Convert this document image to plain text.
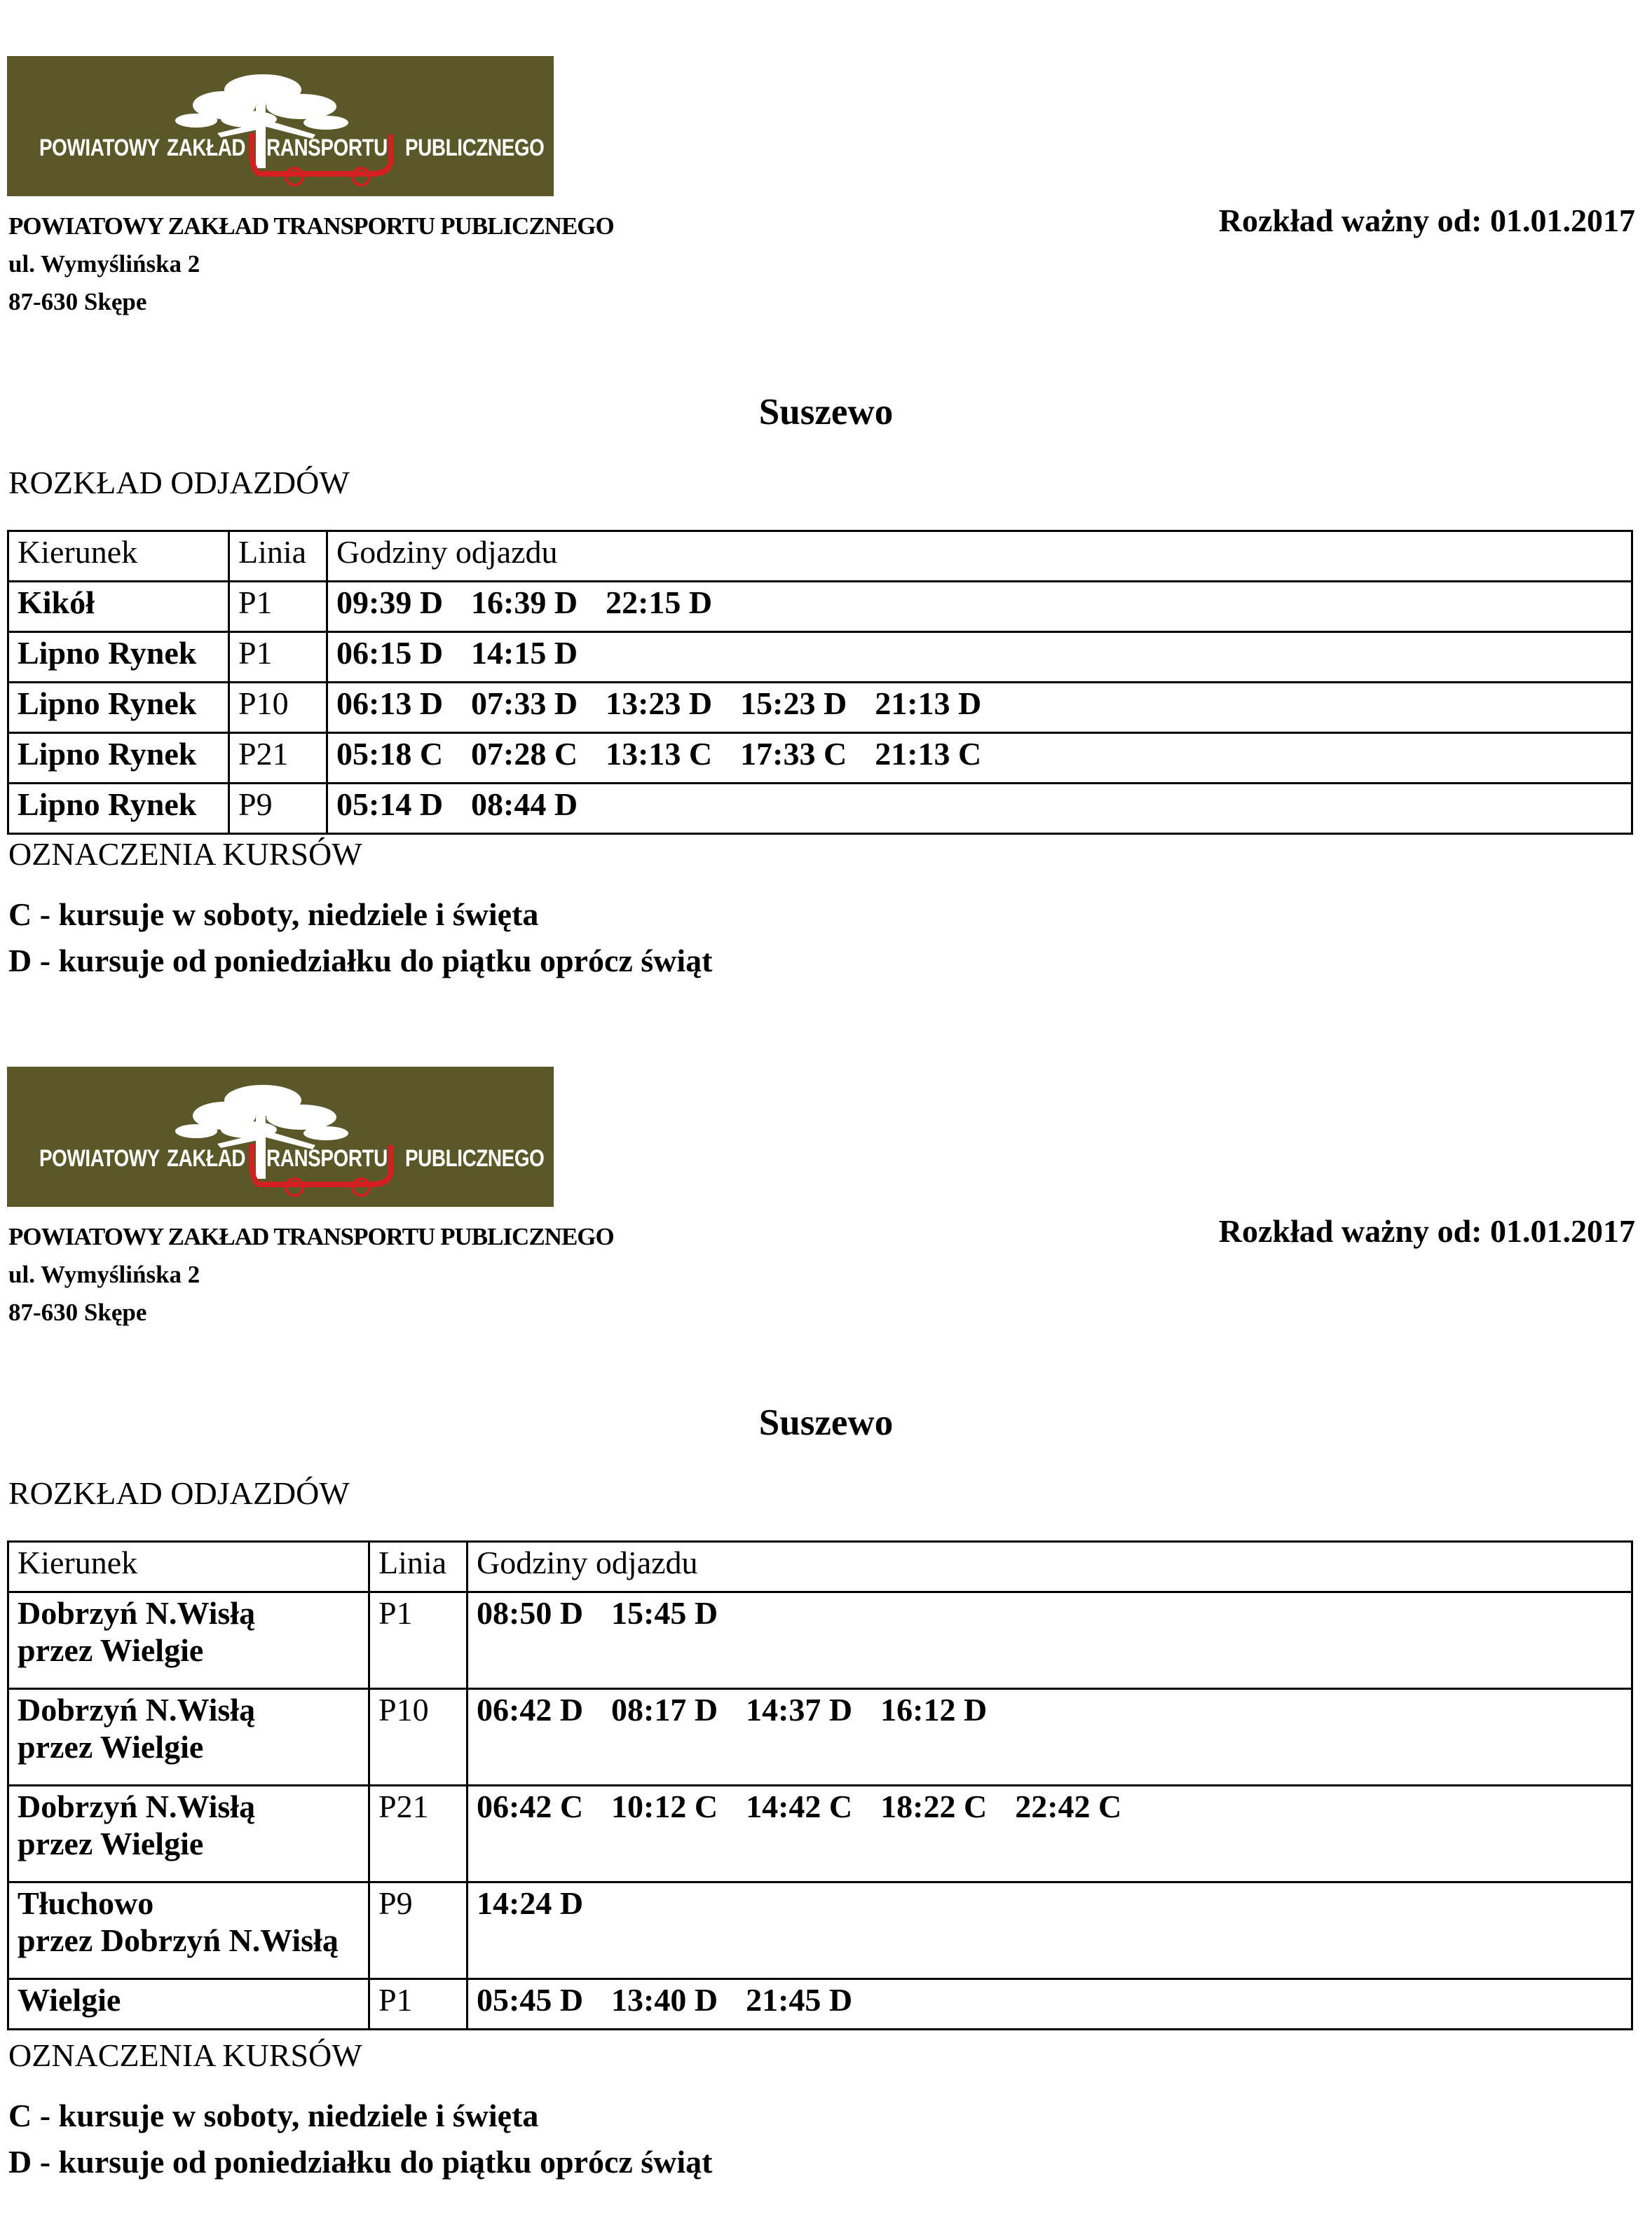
POWIATOWY ZAKŁAD RANSPORTU PUBLICZNEGO
POWIATOWY ZAKŁAD TRANSPORTU PUBLICZNEGO
ul. Wymyślińska 2
87-630 Skępe
Rozkład ważny od: 01.01.2017
Suszewo
ROZKŁAD ODJAZDÓW
Kierunek	Linia	Godziny odjazdu
Kikół	P1	09:39 D 16:39 D 22:15 D
Lipno Rynek	P1	06:15 D 14:15 D
Lipno Rynek	P10	06:13 D 07:33 D 13:23 D 15:23 D 21:13 D
Lipno Rynek	P21	05:18 C 07:28 C 13:13 C 17:33 C 21:13 C
Lipno Rynek	P9	05:14 D 08:44 D
OZNACZENIA KURSÓW
C - kursuje w soboty, niedziele i święta
D - kursuje od poniedziałku do piątku oprócz świąt
POWIATOWY ZAKŁAD RANSPORTU PUBLICZNEGO
POWIATOWY ZAKŁAD TRANSPORTU PUBLICZNEGO
ul. Wymyślińska 2
87-630 Skępe
Rozkład ważny od: 01.01.2017
Suszewo
ROZKŁAD ODJAZDÓW
Kierunek	Linia	Godziny odjazdu
Dobrzyń N.Wisłą
przez Wielgie	P1	08:50 D 15:45 D
Dobrzyń N.Wisłą
przez Wielgie	P10	06:42 D 08:17 D 14:37 D 16:12 D
Dobrzyń N.Wisłą
przez Wielgie	P21	06:42 C 10:12 C 14:42 C 18:22 C 22:42 C
Tłuchowo
przez Dobrzyń N.Wisłą	P9	14:24 D
Wielgie	P1	05:45 D 13:40 D 21:45 D
OZNACZENIA KURSÓW
C - kursuje w soboty, niedziele i święta
D - kursuje od poniedziałku do piątku oprócz świąt
